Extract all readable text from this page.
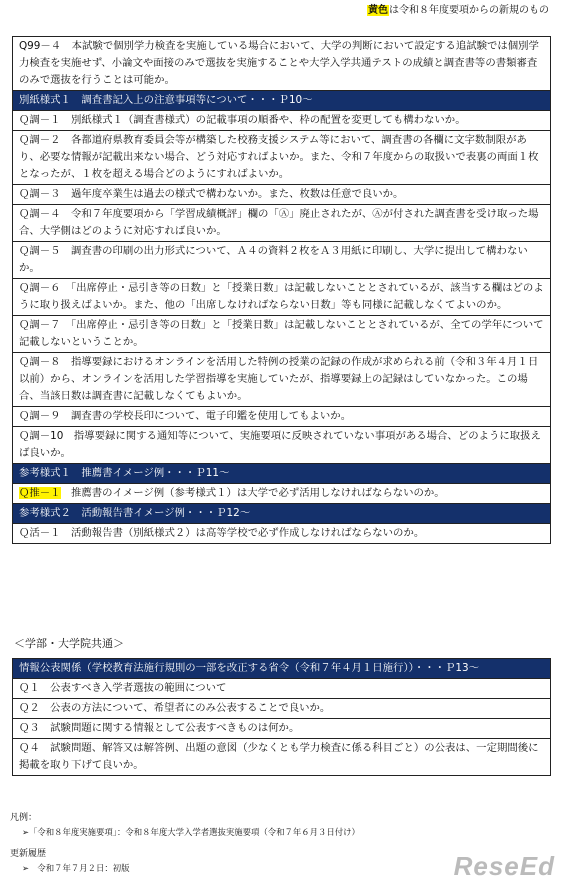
黄色は令和８年度要項からの新規のもの
Q99－４　本試験で個別学力検査を実施している場合において、大学の判断において設定する追試験では個別学力検査を実施せず、小論文や面接のみで選抜を実施することや大学入学共通テストの成績と調査書等の書類審査のみで選抜を行うことは可能か。
別紙様式１　調査書記入上の注意事項等について・・・Ｐ10～
Ｑ調－１　別紙様式１（調査書様式）の記載事項の順番や、枠の配置を変更しても構わないか。
Ｑ調－２　各都道府県教育委員会等が構築した校務支援システム等において、調査書の各欄に文字数制限があり、必要な情報が記載出来ない場合、どう対応すればよいか。また、令和７年度からの取扱いで表裏の両面１枚となったが、１枚を超える場合どのようにすればよいか。
Ｑ調－３　過年度卒業生は過去の様式で構わないか。また、枚数は任意で良いか。
Ｑ調－４　令和７年度要項から「学習成績概評」欄の「Ⓐ」廃止されたが、Ⓐが付された調査書を受け取った場合、大学側はどのように対応すれば良いか。
Ｑ調－５　調査書の印刷の出力形式について、Ａ４の資料２枚をＡ３用紙に印刷し、大学に提出して構わないか。
Ｑ調－６　「出席停止・忌引き等の日数」と「授業日数」は記載しないこととされているが、該当する欄はどのように取り扱えばよいか。また、他の「出席しなければならない日数」等も同様に記載しなくてよいのか。
Ｑ調－７　「出席停止・忌引き等の日数」と「授業日数」は記載しないこととされているが、全ての学年について記載しないということか。
Ｑ調－８　指導要録におけるオンラインを活用した特例の授業の記録の作成が求められる前（令和３年４月１日以前）から、オンラインを活用した学習指導を実施していたが、指導要録上の記録はしていなかった。この場合、当該日数は調査書に記載しなくてもよいか。
Ｑ調－９　調査書の学校長印について、電子印鑑を使用してもよいか。
Ｑ調－10　指導要録に関する通知等について、実施要項に反映されていない事項がある場合、どのように取扱えば良いか。
参考様式１　推薦書イメージ例・・・Ｐ11～
Ｑ推－１　推薦書のイメージ例（参考様式１）は大学で必ず活用しなければならないのか。
参考様式２　活動報告書イメージ例・・・Ｐ12～
Ｑ活－１　活動報告書（別紙様式２）は高等学校で必ず作成しなければならないのか。
＜学部・大学院共通＞
情報公表関係（学校教育法施行規則の一部を改正する省令（令和７年４月１日施行））・・・Ｐ13～
Ｑ１　公表すべき入学者選抜の範囲について
Ｑ２　公表の方法について、希望者にのみ公表することで良いか。
Ｑ３　試験問題に関する情報として公表すべきものは何か。
Ｑ４　試験問題、解答又は解答例、出題の意図（少なくとも学力検査に係る科目ごと）の公表は、一定期間後に掲載を取り下げて良いか。
凡例：
➢「令和８年度実施要項」：令和８年度大学入学者選抜実施要項（令和７年６月３日付け）
更新履歴
➢　令和７年７月２日：初版	ReseEd
